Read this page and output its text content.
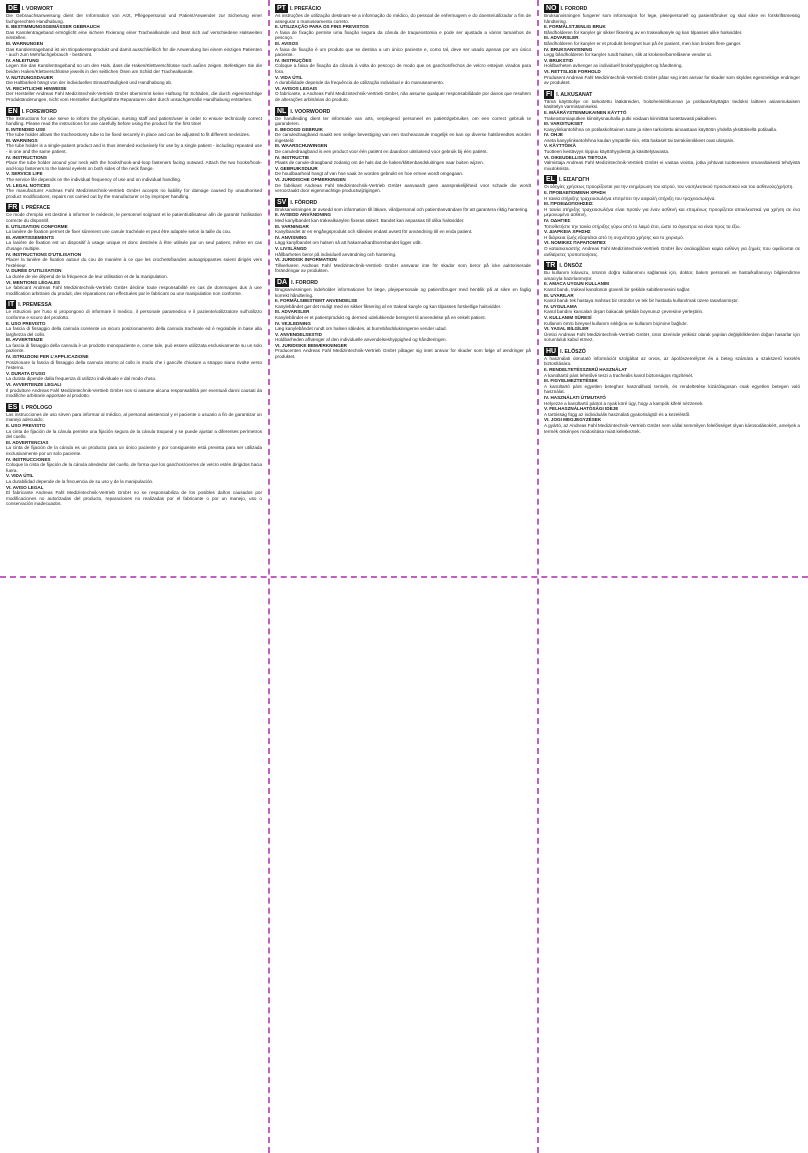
DE I. VORWORT

Die Gebrauchsanweisung dient der Information von Arzt, Pflegepersonal und Patient/Anwender zur Sicherung einer fachgerechten Handhabung.

II. BESTIMMUNGSGEMÄSSER GEBRAUCH
Das Kanülentrageband ermöglicht eine sichere Fixierung einer Trachealkanüle und lässt sich auf verschiedene Halsweiten einstellen.

III. WARNUNGEN
Das Kanülentrageband ist ein Einpatientenprodukt und damit ausschließlich für die Anwendung bei einem einzigen Patienten - auch zum Mehrfachgebrauch - bestimmt.

IV. ANLEITUNG
Legen Sie das Kanülentrageband so um den Hals, dass die Haken/Klettverschlüsse nach außen zeigen. Befestigen Sie die beiden Haken/Klettverschlüsse jeweils in den seitlichen Ösen am Schild der Trachealkanüle.

V. NUTZUNGSDAUER
Die Haltbarkeit hängt von der individuellen Einsatzhäufigkeit und Handhabung ab.

VI. RECHTLICHE HINWEISE
Der Hersteller Andreas Fahl Medizintechnik-Vertrieb GmbH übernimmt keine Haftung für Schäden, die durch eigenmächtige Produktänderungen, nicht vom Hersteller durchgeführte Reparaturen oder durch unsachgemäße Handhabung entstehen.

EN I. FOREWORD

The instructions for use serve to inform the physician, nursing staff and patient/user in order to ensure technically correct handling. Please read the instructions for use carefully before using the product for the first time!

II. INTENDED USE
The tube holder allows the tracheostomy tube to be fixed securely in place and can be adjusted to fit different necksizes.

III. WARNINGS
The tube holder is a single-patient product and is thus intended exclusively for use by a single patient - including repeated use - in one and the same patient.

IV. INSTRUCTIONS
Place the tube holder around your neck with the hooks/hook-and-loop fasteners facing outward. Attach the two hooks/hook-and-loop fasteners to the lateral eyelets on both sides of the neck flange.

V. SERVICE LIFE
The service life depends on the individual frequency of use and on individual handling.

VI. LEGAL NOTICES
The manufacturer Andreas Fahl Medizintechnik-Vertrieb GmbH accepts no liability for damage caused by unauthorised product modifications, repairs not carried out by the manufacturer or by improper handling.

FR I. PRÉFACE

Ce mode d'emploi est destiné à informer le médecin, le personnel soignant et le patient/utilisateur afin de garantir l'utilisation correcte du dispositif.

II. UTILISATION CONFORME
La lanière de fixation permet de fixer sûrement une canule trachéale et peut être adaptée selon la taille du cou.

III. AVERTISSEMENTS
La lanière de fixation est un dispositif à usage unique et donc destinée à être utilisée par un seul patient, même en cas d'usage multiple.

IV. INSTRUCTIONS D'UTILISATION
Placer la lanière de fixation autour du cou de manière à ce que les crochets/bandes autoagrippantes soient dirigés vers l'extérieur.

V. DURÉE D'UTILISATION
La durée de vie dépend de la fréquence de leur utilisation et de la manipulation.

VI. MENTIONS LÉGALES
Le fabricant Andreas Fahl Medizintechnik-Vertrieb GmbH décline toute responsabilité en cas de dommages dus à une modification arbitraire du produit, des réparations non effectuées par le fabricant ou une manipulation non conforme.

IT I. PREMESSA

Le istruzioni per l'uso si propongono di informare il medico, il personale paramedico e il paziente/utilizzatore sull'utilizzo conforme e sicuro del prodotto.

II. USO PREVISTO
La fascia di fissaggio della cannula consente un sicuro posizionamento della cannula tracheale ed è regolabile in base alla larghezza del collo.

III. AVVERTENZE
La fascia di fissaggio della cannula è un prodotto monopaziente e, come tale, può essere utilizzata esclusivamente su un solo paziente.

IV. ISTRUZIONI PER L'APPLICAZIONE
Posizionare la fascia di fissaggio della cannula intorno al collo in modo che i ganci/le chiusure a strappo siano rivolte verso l'esterno.

V. DURATA D'USO
La durata dipende dalla frequenza di utilizzo individuale e dal modo d'uso.

VI. AVVERTENZE LEGALI
Il produttore Andreas Fahl Medizintechnik-Vertrieb GmbH non si assume alcuna responsabilità per eventuali danni causati da modifiche arbitrarie apportate al prodotto.

ES I. PRÓLOGO

Las instrucciones de uso sirven para informar al médico, al personal asistencial y el paciente o usuario a fin de garantizar un manejo adecuado.

II. USO PREVISTO
La cinta de fijación de la cánula permite una fijación segura de la cánula traqueal y se puede ajustar a diferentes perímetros del cuello.

III. ADVERTENCIAS
La cinta de fijación de la cánula es un producto para un único paciente y por consiguiente está prevista para ser utilizada exclusivamente por un solo paciente.

IV. INSTRUCCIONES
Coloque la cinta de fijación de la cánula alrededor del cuello, de forma que los ganchos/cierres de velcro estén dirigidos hacia fuera.

V. VIDA ÚTIL
La durabilidad depende de la frecuencia de su uso y de la manipulación.

VI. AVISO LEGAL
El fabricante Andreas Fahl Medizintechnik-Vertrieb GmbH no se responsabiliza de los posibles daños causados por modificaciones no autorizadas del producto, reparaciones no realizadas por el fabricante o por un manejo, uso o conservación inadecuados.

PT I. PREFÁCIO

As instruções de utilização destinam-se a informação do médico, do pessoal de enfermagem e do doente/utilizador a fim de assegurar o manuseamento correto.

II. UTILIZAÇÃO PARA OS FINS PREVISTOS
A faixa de fixação permite uma fixação segura da cânula de traqueostomia e pode ser ajustada a vários tamanhos de pescoço.

III. AVISOS
A faixa de fixação é um produto que se destina a um único paciente e, como tal, deve ser usado apenas por um único paciente.

IV. INSTRUÇÕES
Coloque a faixa de fixação da cânula à volta do pescoço de modo que os ganchos/fechos de velcro estejam virados para fora.

V. VIDA ÚTIL
A durabilidade depende da frequência de utilização individual e do manuseamento.

VI. AVISOS LEGAIS
O fabricante, a Andreas Fahl Medizintechnik-Vertrieb GmbH, não assume qualquer responsabilidade por danos que resultem de alterações arbitrárias do produto.

NL I. VOORWOORD

De handleiding dient ter informatie van arts, verplegend personeel en patiënt/gebruiker, om een correct gebruik te garanderen.

II. BEOOGD GEBRUIK
De canuledraagband maakt een veilige bevestiging van een tracheacanule mogelijk en kan op diverse halsbreedtes worden ingesteld.

III. WAARSCHUWINGEN
De canuledraagband is een product voor één patiënt en daardoor uitsluitend voor gebruik bij één patiënt.

IV. INSTRUCTIE
Plaats de canule-draagband zodanig om de hals dat de haken/klittenbandsluitingen naar buiten wijzen.

V. GEBRUIKSDUUR
De houdbaarheid hangt af van hoe vaak ze worden gebruikt en hoe ermee wordt omgegaan.

VI. JURIDISCHE OPMERKINGEN
De fabrikant Andreas Fahl Medizintechnik-Vertrieb GmbH aanvaardt geen aansprakelijkheid voor schade die wordt veroorzaakt door eigenmachtige productwijzigingen.

SV I. FÖRORD

Bruksanvisningen är avsedd som information till läkare, vårdpersonal och patient/användare för att garantera riktig hantering.

II. AVSEDD ANVÄNDNING
Med kanylbandet kan trakealkanylen fixeras säkert. Bandet kan anpassas till olika halsvidder.

III. VARNINGAR
Kanylbandet är en engångsprodukt och således endast avsett för användning till en enda patient.

IV. ANVISNING
Lägg kanylbandet om halsen så att hakarna/kardborrebandet ligger utåt.

V. LIVSLÄNGD
Hållbarheten beror på individuell användning och hantering.

VI. JURIDISK INFORMATION
Tillverkaren Andreas Fahl Medizintechnik-Vertrieb GmbH ansvarar inte för skador som beror på icke auktoriserade förändringar av produkten.

DA I. FORORD

Brugsanvisningen indeholder informationer for læge, plejepersonale og patient/bruger med henblik på at sikre en faglig korrekt håndtering.

II. FORMÅLSBESTEMT ANVENDELSE
Kanylebåndet gør det muligt med en sikker fiksering af en trakeal kanyle og kan tilpasses forskellige halsvidder.

III. ADVARSLER
Kanylebåndet er et patientprodukt og dermed udelukkende beregnet til anvendelse på en enkelt patient.

IV. VEJLEDNING
Læg kanylebåndet rundt om halsen således, at burrebåndslukningerne vender udad.

V. ANVENDELSESTID
Holdbarheden afhænger af den individuelle anvendelseshyppighed og håndteringen.

VI. JURIDISKE BEMÆRKNINGER
Producenten Andreas Fahl Medizintechnik-Vertrieb GmbH påtager sig intet ansvar for skader som følge af ændringer på produktet.

NO I. FORORD

Bruksanvisningen fungerer som informasjon for lege, pleiepersonell og pasient/bruker og skal sikre en forskriftsmessig håndtering.

II. FORMÅLSTJENLIG BRUK
Båndholderen for kanyler gir sikker fiksering av en trakealkanyle og kan tilpasses ulike halsvidder.

III. ADVARSLER
Båndholderen for kanyler er et produkt beregnet kun på én pasient, men kan brukes flere ganger.

IV. BRUKSANVISNING
Legg båndholderen for kanyler rundt halsen, slik at krokene/borrelåsene vender ut.

V. BRUKSTID
Holdbarheten avhenger av individuell brukshyppighet og håndtering.

VI. RETTSLIGE FORHOLD
Produsent Andreas Fahl Medizintechnik-Vertrieb GmbH påtar seg intet ansvar for skader som skyldes egenmektige endringer av produktet.

FI I. ALKUSANAT

Tämä käyttöohje on tarkoitettu lääkäreiden, hoitohenkilökunnan ja potilaan/käyttäjän tiedoksi laitteen asianmukaisen käsittelyn varmistamiseksi.

II. MÄÄRÄYSTENMUKAINEN KÄYTTÖ
Trakeostomiaputken kiinnitysnauhalla putki voidaan kiinnittää luotettavasti paikalleen.

III. VAROITUKSET
Kanyylinkantohihna on potilaskohtainen tuote ja siten tarkoitettu ainoastaan käyttöön yhdellä yksittäisellä potilaalla.

IV. OHJE
Aseta kanyylinkantohihna kaulan ympärille niin, että hakaset tai tarrakiinnikkeet ovat ulospäin.

V. KÄYTTÖIKÄ
Tuotteen kestävyys riippuu käyttöhyydestä ja käsittelytavasta.

VI. OIKEUDELLISIA TIETOJA
Valmistaja Andreas Fahl Medizintechnik-Vertrieb GmbH ei vastaa vioista, jotka johtuvat tuotteeseen omavaltaisesti tehdyistä muutoksista.

EL I. ΕΙΣΑΓΩΓΗ

Οι οδηγίες χρήσεως προορίζονται για την ενημέρωση του ιατρού, του νοσηλευτικού προσωπικού και του ασθενούς/χρήστη.

II. ΠΡΟΒΛΕΠΟΜΕΝΗ ΧΡΗΣΗ
Η ταινία στήριξης τραχειοσωλήνα επιτρέπει την ασφαλή στήριξη του τραχειοσωλήνα.

III. ΠΡΟΕΙΔΟΠΟΙΗΣΕΙΣ
Η ταινία στήριξης τραχειοσωλήνα είναι προϊόν για έναν ασθενή και επομένως προορίζεται αποκλειστικά για χρήση σε ένα μεμονωμένο ασθενή.

IV. ΟΔΗΓΙΕΣ
Τοποθετήστε την ταινία στήριξης γύρω από το λαιμό έτσι, ώστε τα άγκιστρα να είναι προς τα έξω.

V. ΔΙΑΡΚΕΙΑ ΧΡΗΣΗΣ
Η διάρκεια ζωής εξαρτάται από τη συχνότητα χρήσης και το χειρισμό.

VI. ΝΟΜΙΚΕΣ ΠΑΡΑΠΟΜΠΕΣ
Ο κατασκευαστής Andreas Fahl Medizintechnik-Vertrieb GmbH δεν αναλαμβάνει καμία ευθύνη για ζημιές που οφείλονται σε αυθαίρετες τροποποιήσεις.

TR I. ÖNSÖZ

Bu kullanım kılavuzu, ürünün doğru kullanımını sağlamak için, doktor, bakım personeli ve hasta/kullanıcıyı bilgilendirme amacıyla hazırlanmıştır.

II. AMACA UYGUN KULLANIM
Kanül bandı, trakeal kanülünün güvenli bir şekilde sabitlenmesini sağlar.

III. UYARILAR
Kanül bandı tek hastaya mahsus bir üründür ve tek bir hastada kullanılmak üzere tasarlanmıştır.

IV. UYGULAMA
Kanül bandını kancaları dışarı bakacak şekilde boynunuz çevresine yerleştirin.

V. KULLANIM SÜRESİ
Kullanım ömrü bireysel kullanım sıklığına ve kullanım biçimine bağlıdır.

VI. YASAL BİLGİLER
Üretici Andreas Fahl Medizintechnik-Vertrieb GmbH, ürün üzerinde yetkisiz olarak yapılan değişikliklerden doğan hasarlar için sorumluluk kabul etmez.

HU I. ELŐSZÓ

A használati útmutató információt szolgáltat az orvos, az ápolószemélyzet és a beteg számára a szakszerű kezelés biztosítására.

II. RENDELTETÉSSZERŰ HASZNÁLAT
A kanültartó pánt lehetővé teszi a tracheális kanül biztonságos rögzítését.

III. FIGYELMEZTETÉSEK
A kanültartó pánt egyetlen beteghez használható termék, és rendeltetése kizárólagosan csak egyetlen betegen való használat.

IV. HASZNÁLATI ÚTMUTATÓ
Helyezze a kanültartó pántot a nyak köré úgy, hogy a kampók kifelé nézzenek.

V. FELHASZNÁLHATÓSÁGI IDEJE
A tartósság függ az individuális használati gyakoriságtól és a kezeléstől.

VI. JOGI MEGJEGYZÉSEK
A gyártó, az Andreas Fahl Medizintechnik-Vertrieb GmbH nem vállal semmilyen felelősséget olyan károsodásokért, amelyek a termék önkényes módosítása miatt keletkeztek.
